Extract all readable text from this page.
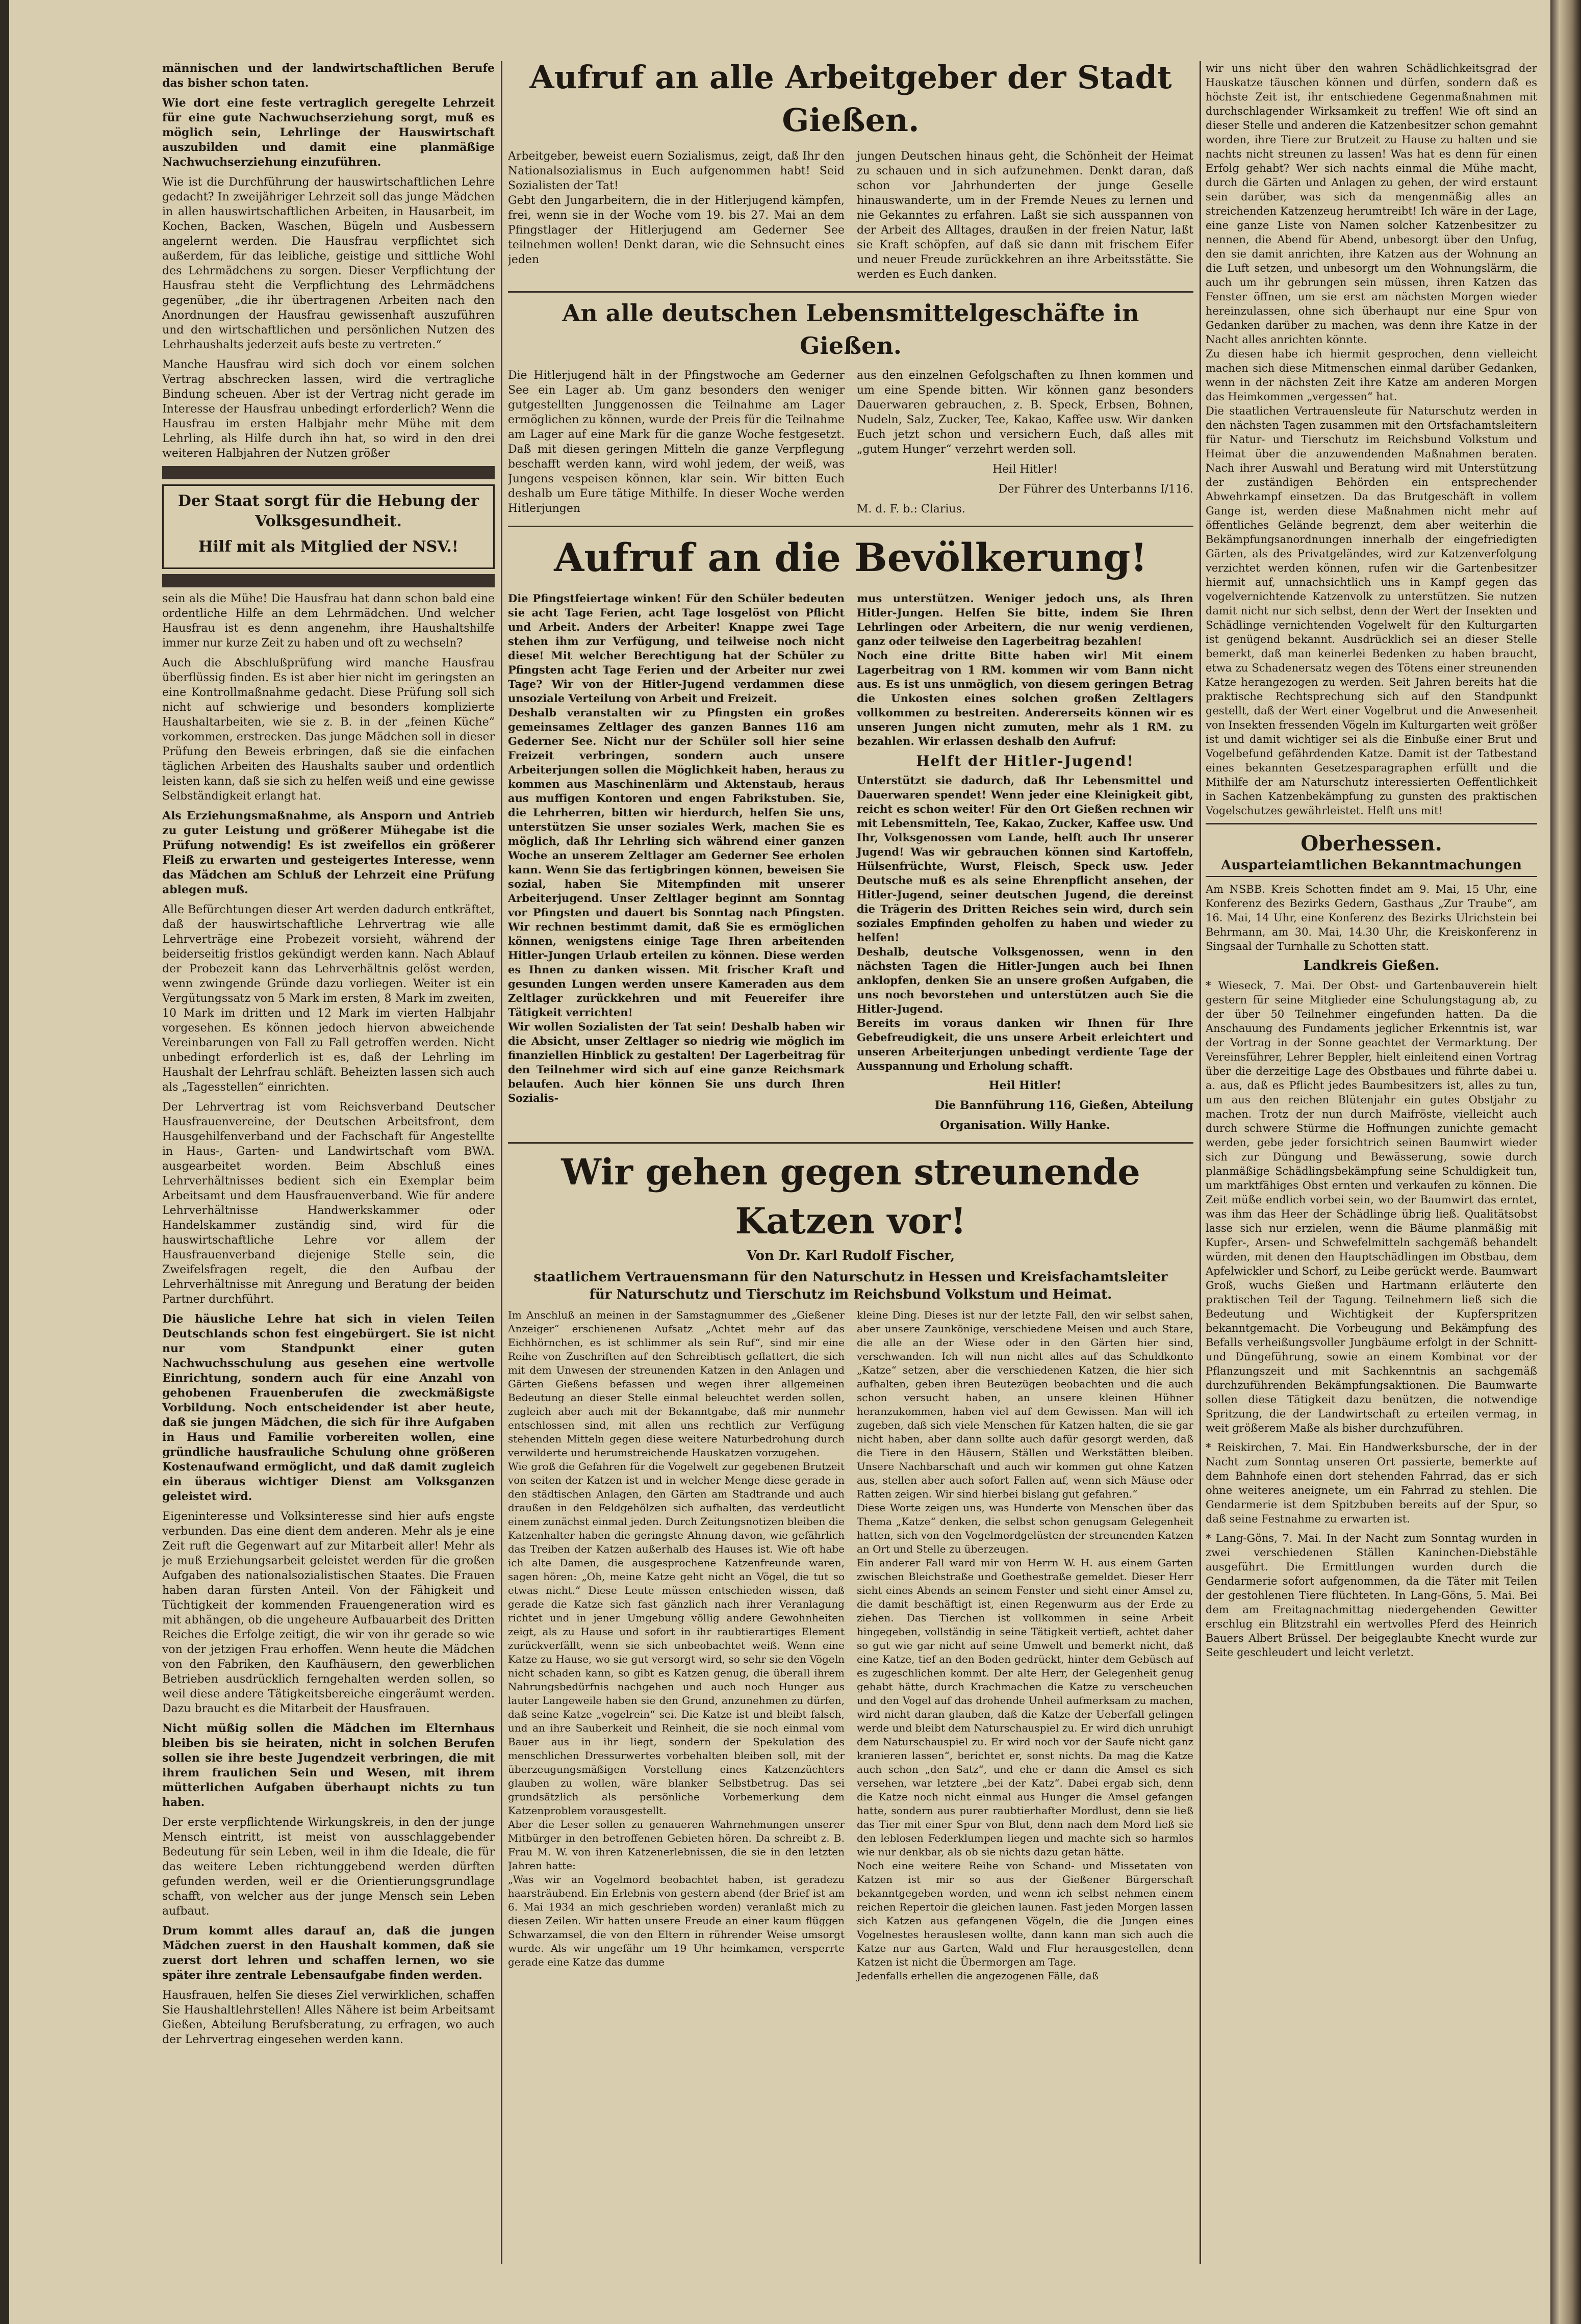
männischen und der landwirtschaftlichen Berufe das bisher schon taten.

Wie dort eine feste vertraglich geregelte Lehrzeit für eine gute Nachwuchserziehung sorgt, muß es möglich sein, Lehrlinge der Hauswirtschaft auszubilden und damit eine planmäßige Nachwuchserziehung einzuführen.

Wie ist die Durchführung der hauswirtschaftlichen Lehre gedacht? In zweijähriger Lehrzeit soll das junge Mädchen in allen hauswirtschaftlichen Arbeiten, in Hausarbeit, im Kochen, Backen, Waschen, Bügeln und Ausbessern angelernt werden. Die Hausfrau verpflichtet sich außerdem, für das leibliche, geistige und sittliche Wohl des Lehrmädchens zu sorgen. Dieser Verpflichtung der Hausfrau steht die Verpflichtung des Lehrmädchens gegenüber, „die ihr übertragenen Arbeiten nach den Anordnungen der Hausfrau gewissenhaft auszuführen und den wirtschaftlichen und persönlichen Nutzen des Lehrhaushalts jederzeit aufs beste zu vertreten.“

Manche Hausfrau wird sich doch vor einem solchen Vertrag abschrecken lassen, wird die vertragliche Bindung scheuen. Aber ist der Vertrag nicht gerade im Interesse der Hausfrau unbedingt erforderlich? Wenn die Hausfrau im ersten Halbjahr mehr Mühe mit dem Lehrling, als Hilfe durch ihn hat, so wird in den drei weiteren Halbjahren der Nutzen größer

Der Staat sorgt für die Hebung der Volksgesundheit.

Hilf mit als Mitglied der NSV.!

sein als die Mühe! Die Hausfrau hat dann schon bald eine ordentliche Hilfe an dem Lehrmädchen. Und welcher Hausfrau ist es denn angenehm, ihre Haushaltshilfe immer nur kurze Zeit zu haben und oft zu wechseln?

Auch die Abschlußprüfung wird manche Hausfrau überflüssig finden. Es ist aber hier nicht im geringsten an eine Kontrollmaßnahme gedacht. Diese Prüfung soll sich nicht auf schwierige und besonders komplizierte Haushaltarbeiten, wie sie z. B. in der „feinen Küche“ vorkommen, erstrecken. Das junge Mädchen soll in dieser Prüfung den Beweis erbringen, daß sie die einfachen täglichen Arbeiten des Haushalts sauber und ordentlich leisten kann, daß sie sich zu helfen weiß und eine gewisse Selbständigkeit erlangt hat.

Als Erziehungsmaßnahme, als Ansporn und Antrieb zu guter Leistung und größerer Mühegabe ist die Prüfung notwendig! Es ist zweifellos ein größerer Fleiß zu erwarten und gesteigertes Interesse, wenn das Mädchen am Schluß der Lehrzeit eine Prüfung ablegen muß.

Alle Befürchtungen dieser Art werden dadurch entkräftet, daß der hauswirtschaftliche Lehrvertrag wie alle Lehrverträge eine Probezeit vorsieht, während der beiderseitig fristlos gekündigt werden kann. Nach Ablauf der Probezeit kann das Lehrverhältnis gelöst werden, wenn zwingende Gründe dazu vorliegen. Weiter ist ein Vergütungssatz von 5 Mark im ersten, 8 Mark im zweiten, 10 Mark im dritten und 12 Mark im vierten Halbjahr vorgesehen. Es können jedoch hiervon abweichende Vereinbarungen von Fall zu Fall getroffen werden. Nicht unbedingt erforderlich ist es, daß der Lehrling im Haushalt der Lehrfrau schläft. Beheizten lassen sich auch als „Tagesstellen“ einrichten.

Der Lehrvertrag ist vom Reichsverband Deutscher Hausfrauenvereine, der Deutschen Arbeitsfront, dem Hausgehilfenverband und der Fachschaft für Angestellte in Haus-, Garten- und Landwirtschaft vom BWA. ausgearbeitet worden. Beim Abschluß eines Lehrverhältnisses bedient sich ein Exemplar beim Arbeitsamt und dem Hausfrauenverband. Wie für andere Lehrverhältnisse Handwerkskammer oder Handelskammer zuständig sind, wird für die hauswirtschaftliche Lehre vor allem der Hausfrauenverband diejenige Stelle sein, die Zweifelsfragen regelt, die den Aufbau der Lehrverhältnisse mit Anregung und Beratung der beiden Partner durchführt.

Die häusliche Lehre hat sich in vielen Teilen Deutschlands schon fest eingebürgert. Sie ist nicht nur vom Standpunkt einer guten Nachwuchsschulung aus gesehen eine wertvolle Einrichtung, sondern auch für eine Anzahl von gehobenen Frauenberufen die zweckmäßigste Vorbildung. Noch entscheidender ist aber heute, daß sie jungen Mädchen, die sich für ihre Aufgaben in Haus und Familie vorbereiten wollen, eine gründliche hausfrauliche Schulung ohne größeren Kostenaufwand ermöglicht, und daß damit zugleich ein überaus wichtiger Dienst am Volksganzen geleistet wird.

Eigeninteresse und Volksinteresse sind hier aufs engste verbunden. Das eine dient dem anderen. Mehr als je eine Zeit ruft die Gegenwart auf zur Mitarbeit aller! Mehr als je muß Erziehungsarbeit geleistet werden für die großen Aufgaben des nationalsozialistischen Staates. Die Frauen haben daran fürsten Anteil. Von der Fähigkeit und Tüchtigkeit der kommenden Frauengeneration wird es mit abhängen, ob die ungeheure Aufbauarbeit des Dritten Reiches die Erfolge zeitigt, die wir von ihr gerade so wie von der jetzigen Frau erhoffen. Wenn heute die Mädchen von den Fabriken, den Kaufhäusern, den gewerblichen Betrieben ausdrücklich ferngehalten werden sollen, so weil diese andere Tätigkeitsbereiche eingeräumt werden. Dazu braucht es die Mitarbeit der Hausfrauen.

Nicht müßig sollen die Mädchen im Elternhaus bleiben bis sie heiraten, nicht in solchen Berufen sollen sie ihre beste Jugendzeit verbringen, die mit ihrem fraulichen Sein und Wesen, mit ihrem mütterlichen Aufgaben überhaupt nichts zu tun haben.

Der erste verpflichtende Wirkungskreis, in den der junge Mensch eintritt, ist meist von ausschlaggebender Bedeutung für sein Leben, weil in ihm die Ideale, die für das weitere Leben richtunggebend werden dürften gefunden werden, weil er die Orientierungsgrundlage schafft, von welcher aus der junge Mensch sein Leben aufbaut.

Drum kommt alles darauf an, daß die jungen Mädchen zuerst in den Haushalt kommen, daß sie zuerst dort lehren und schaffen lernen, wo sie später ihre zentrale Lebensaufgabe finden werden.

Hausfrauen, helfen Sie dieses Ziel verwirklichen, schaffen Sie Haushaltlehrstellen! Alles Nähere ist beim Arbeitsamt Gießen, Abteilung Berufsberatung, zu erfragen, wo auch der Lehrvertrag eingesehen werden kann.

Aufruf an alle Arbeitgeber der Stadt Gießen.

Arbeitgeber, beweist euern Sozialismus, zeigt, daß Ihr den Nationalsozialismus in Euch aufgenommen habt! Seid Sozialisten der Tat!
Gebt den Jungarbeitern, die in der Hitlerjugend kämpfen, frei, wenn sie in der Woche vom 19. bis 27. Mai an dem Pfingstlager der Hitlerjugend am Gederner See teilnehmen wollen! Denkt daran, wie die Sehnsucht eines jeden

jungen Deutschen hinaus geht, die Schönheit der Heimat zu schauen und in sich aufzunehmen. Denkt daran, daß schon vor Jahrhunderten der junge Geselle hinauswanderte, um in der Fremde Neues zu lernen und nie Gekanntes zu erfahren. Laßt sie sich ausspannen von der Arbeit des Alltages, draußen in der freien Natur, laßt sie Kraft schöpfen, auf daß sie dann mit frischem Eifer und neuer Freude zurückkehren an ihre Arbeitsstätte. Sie werden es Euch danken.

An alle deutschen Lebensmittelgeschäfte in Gießen.

Die Hitlerjugend hält in der Pfingstwoche am Gederner See ein Lager ab. Um ganz besonders den weniger gutgestellten Junggenossen die Teilnahme am Lager ermöglichen zu können, wurde der Preis für die Teilnahme am Lager auf eine Mark für die ganze Woche festgesetzt. Daß mit diesen geringen Mitteln die ganze Verpflegung beschafft werden kann, wird wohl jedem, der weiß, was Jungens vespeisen können, klar sein. Wir bitten Euch deshalb um Eure tätige Mithilfe. In dieser Woche werden Hitlerjungen

aus den einzelnen Gefolgschaften zu Ihnen kommen und um eine Spende bitten. Wir können ganz besonders Dauerwaren gebrauchen, z. B. Speck, Erbsen, Bohnen, Nudeln, Salz, Zucker, Tee, Kakao, Kaffee usw. Wir danken Euch jetzt schon und versichern Euch, daß alles mit „gutem Hunger“ verzehrt werden soll.

Heil Hitler!

Der Führer des Unterbanns I/116.

M. d. F. b.: Clarius.

Aufruf an die Bevölkerung!

Die Pfingstfeiertage winken! Für den Schüler bedeuten sie acht Tage Ferien, acht Tage losgelöst von Pflicht und Arbeit. Anders der Arbeiter! Knappe zwei Tage stehen ihm zur Verfügung, und teilweise noch nicht diese! Mit welcher Berechtigung hat der Schüler zu Pfingsten acht Tage Ferien und der Arbeiter nur zwei Tage? Wir von der Hitler-Jugend verdammen diese unsoziale Verteilung von Arbeit und Freizeit.
Deshalb veranstalten wir zu Pfingsten ein großes gemeinsames Zeltlager des ganzen Bannes 116 am Gederner See. Nicht nur der Schüler soll hier seine Freizeit verbringen, sondern auch unsere Arbeiterjungen sollen die Möglichkeit haben, heraus zu kommen aus Maschinenlärm und Aktenstaub, heraus aus muffigen Kontoren und engen Fabrikstuben. Sie, die Lehrherren, bitten wir hierdurch, helfen Sie uns, unterstützen Sie unser soziales Werk, machen Sie es möglich, daß Ihr Lehrling sich während einer ganzen Woche an unserem Zeltlager am Gederner See erholen kann. Wenn Sie das fertigbringen können, beweisen Sie sozial, haben Sie Mitempfinden mit unserer Arbeiterjugend. Unser Zeltlager beginnt am Sonntag vor Pfingsten und dauert bis Sonntag nach Pfingsten. Wir rechnen bestimmt damit, daß Sie es ermöglichen können, wenigstens einige Tage Ihren arbeitenden Hitler-Jungen Urlaub erteilen zu können. Diese werden es Ihnen zu danken wissen. Mit frischer Kraft und gesunden Lungen werden unsere Kameraden aus dem Zeltlager zurückkehren und mit Feuereifer ihre Tätigkeit verrichten!
Wir wollen Sozialisten der Tat sein! Deshalb haben wir die Absicht, unser Zeltlager so niedrig wie möglich im finanziellen Hinblick zu gestalten! Der Lagerbeitrag für den Teilnehmer wird sich auf eine ganze Reichsmark belaufen. Auch hier können Sie uns durch Ihren Sozialis-

mus unterstützen. Weniger jedoch uns, als Ihren Hitler-Jungen. Helfen Sie bitte, indem Sie Ihren Lehrlingen oder Arbeitern, die nur wenig verdienen, ganz oder teilweise den Lagerbeitrag bezahlen!
Noch eine dritte Bitte haben wir! Mit einem Lagerbeitrag von 1 RM. kommen wir vom Bann nicht aus. Es ist uns unmöglich, von diesem geringen Betrag die Unkosten eines solchen großen Zeltlagers vollkommen zu bestreiten. Andererseits können wir es unseren Jungen nicht zumuten, mehr als 1 RM. zu bezahlen. Wir erlassen deshalb den Aufruf:

Helft der Hitler-Jugend!

Unterstützt sie dadurch, daß Ihr Lebensmittel und Dauerwaren spendet! Wenn jeder eine Kleinigkeit gibt, reicht es schon weiter! Für den Ort Gießen rechnen wir mit Lebensmitteln, Tee, Kakao, Zucker, Kaffee usw. Und Ihr, Volksgenossen vom Lande, helft auch Ihr unserer Jugend! Was wir gebrauchen können sind Kartoffeln, Hülsenfrüchte, Wurst, Fleisch, Speck usw. Jeder Deutsche muß es als seine Ehrenpflicht ansehen, der Hitler-Jugend, seiner deutschen Jugend, die dereinst die Trägerin des Dritten Reiches sein wird, durch sein soziales Empfinden geholfen zu haben und wieder zu helfen!
Deshalb, deutsche Volksgenossen, wenn in den nächsten Tagen die Hitler-Jungen auch bei Ihnen anklopfen, denken Sie an unsere großen Aufgaben, die uns noch bevorstehen und unterstützen auch Sie die Hitler-Jugend.
Bereits im voraus danken wir Ihnen für Ihre Gebefreudigkeit, die uns unsere Arbeit erleichtert und unseren Arbeiterjungen unbedingt verdiente Tage der Ausspannung und Erholung schafft.

Heil Hitler!

Die Bannführung 116, Gießen, Abteilung

Organisation. Willy Hanke.

Wir gehen gegen streunende Katzen vor!

Von Dr. Karl Rudolf Fischer,

staatlichem Vertrauensmann für den Naturschutz in Hessen und Kreisfachamtsleiter für Naturschutz und Tierschutz im Reichsbund Volkstum und Heimat.

Im Anschluß an meinen in der Samstagnummer des „Gießener Anzeiger“ erschienenen Aufsatz „Achtet mehr auf das Eichhörnchen, es ist schlimmer als sein Ruf“, sind mir eine Reihe von Zuschriften auf den Schreibtisch geflattert, die sich mit dem Unwesen der streunenden Katzen in den Anlagen und Gärten Gießens befassen und wegen ihrer allgemeinen Bedeutung an dieser Stelle einmal beleuchtet werden sollen, zugleich aber auch mit der Bekanntgabe, daß mir nunmehr entschlossen sind, mit allen uns rechtlich zur Verfügung stehenden Mitteln gegen diese weitere Naturbedrohung durch verwilderte und herumstreichende Hauskatzen vorzugehen.
Wie groß die Gefahren für die Vogelwelt zur gegebenen Brutzeit von seiten der Katzen ist und in welcher Menge diese gerade in den städtischen Anlagen, den Gärten am Stadtrande und auch draußen in den Feldgehölzen sich aufhalten, das verdeutlicht einem zunächst einmal jeden. Durch Zeitungsnotizen bleiben die Katzenhalter haben die geringste Ahnung davon, wie gefährlich das Treiben der Katzen außerhalb des Hauses ist. Wie oft habe ich alte Damen, die ausgesprochene Katzenfreunde waren, sagen hören: „Oh, meine Katze geht nicht an Vögel, die tut so etwas nicht.“ Diese Leute müssen entschieden wissen, daß gerade die Katze sich fast gänzlich nach ihrer Veranlagung richtet und in jener Umgebung völlig andere Gewohnheiten zeigt, als zu Hause und sofort in ihr raubtierartiges Element zurückverfällt, wenn sie sich unbeobachtet weiß. Wenn eine Katze zu Hause, wo sie gut versorgt wird, so sehr sie den Vögeln nicht schaden kann, so gibt es Katzen genug, die überall ihrem Nahrungsbedürfnis nachgehen und auch noch Hunger aus lauter Langeweile haben sie den Grund, anzunehmen zu dürfen, daß seine Katze „vogelrein“ sei. Die Katze ist und bleibt falsch, und an ihre Sauberkeit und Reinheit, die sie noch einmal vom Bauer aus in ihr liegt, sondern der Spekulation des menschlichen Dressurwertes vorbehalten bleiben soll, mit der überzeugungsmäßigen Vorstellung eines Katzenzüchters glauben zu wollen, wäre blanker Selbstbetrug. Das sei grundsätzlich als persönliche Vorbemerkung dem Katzenproblem vorausgestellt.
Aber die Leser sollen zu genaueren Wahrnehmungen unserer Mitbürger in den betroffenen Gebieten hören. Da schreibt z. B. Frau M. W. von ihren Katzenerlebnissen, die sie in den letzten Jahren hatte:
„Was wir an Vogelmord beobachtet haben, ist geradezu haarsträubend. Ein Erlebnis von gestern abend (der Brief ist am 6. Mai 1934 an mich geschrieben worden) veranlaßt mich zu diesen Zeilen. Wir hatten unsere Freude an einer kaum flüggen Schwarzamsel, die von den Eltern in rührender Weise umsorgt wurde. Als wir ungefähr um 19 Uhr heimkamen, versperrte gerade eine Katze das dumme

kleine Ding. Dieses ist nur der letzte Fall, den wir selbst sahen, aber unsere Zaunkönige, verschiedene Meisen und auch Stare, die alle an der Wiese oder in den Gärten hier sind, verschwanden. Ich will nun nicht alles auf das Schuldkonto „Katze“ setzen, aber die verschiedenen Katzen, die hier sich aufhalten, geben ihren Beutezügen beobachten und die auch schon versucht haben, an unsere kleinen Hühner heranzukommen, haben viel auf dem Gewissen. Man will ich zugeben, daß sich viele Menschen für Katzen halten, die sie gar nicht haben, aber dann sollte auch dafür gesorgt werden, daß die Tiere in den Häusern, Ställen und Werkstätten bleiben. Unsere Nachbarschaft und auch wir kommen gut ohne Katzen aus, stellen aber auch sofort Fallen auf, wenn sich Mäuse oder Ratten zeigen. Wir sind hierbei bislang gut gefahren.“
Diese Worte zeigen uns, was Hunderte von Menschen über das Thema „Katze“ denken, die selbst schon genugsam Gelegenheit hatten, sich von den Vogelmordgelüsten der streunenden Katzen an Ort und Stelle zu überzeugen.
Ein anderer Fall ward mir von Herrn W. H. aus einem Garten zwischen Bleichstraße und Goethestraße gemeldet. Dieser Herr sieht eines Abends an seinem Fenster und sieht einer Amsel zu, die damit beschäftigt ist, einen Regenwurm aus der Erde zu ziehen. Das Tierchen ist vollkommen in seine Arbeit hingegeben, vollständig in seine Tätigkeit vertieft, achtet daher so gut wie gar nicht auf seine Umwelt und bemerkt nicht, daß eine Katze, tief an den Boden gedrückt, hinter dem Gebüsch auf es zugeschlichen kommt. Der alte Herr, der Gelegenheit genug gehabt hätte, durch Krachmachen die Katze zu verscheuchen und den Vogel auf das drohende Unheil aufmerksam zu machen, wird nicht daran glauben, daß die Katze der Ueberfall gelingen werde und bleibt dem Naturschauspiel zu. Er wird dich unruhigt dem Naturschauspiel zu. Er wird noch vor der Saufe nicht ganz kranieren lassen“, berichtet er, sonst nichts. Da mag die Katze auch schon „den Satz“, und ehe er dann die Amsel es sich versehen, war letztere „bei der Katz“. Dabei ergab sich, denn die Katze noch nicht einmal aus Hunger die Amsel gefangen hatte, sondern aus purer raubtierhafter Mordlust, denn sie ließ das Tier mit einer Spur von Blut, denn nach dem Mord ließ sie den leblosen Federklumpen liegen und machte sich so harmlos wie nur denkbar, als ob sie nichts dazu getan hätte.
Noch eine weitere Reihe von Schand- und Missetaten von Katzen ist mir so aus der Gießener Bürgerschaft bekanntgegeben worden, und wenn ich selbst nehmen einem reichen Repertoir die gleichen launen. Fast jeden Morgen lassen sich Katzen aus gefangenen Vögeln, die die Jungen eines Vogelnestes herauslesen wollte, dann kann man sich auch die Katze nur aus Garten, Wald und Flur herausgestellen, denn Katzen ist nicht die Übermorgen am Tage.
Jedenfalls erhellen die angezogenen Fälle, daß

wir uns nicht über den wahren Schädlichkeitsgrad der Hauskatze täuschen können und dürfen, sondern daß es höchste Zeit ist, ihr entschiedene Gegenmaßnahmen mit durchschlagender Wirksamkeit zu treffen! Wie oft sind an dieser Stelle und anderen die Katzenbesitzer schon gemahnt worden, ihre Tiere zur Brutzeit zu Hause zu halten und sie nachts nicht streunen zu lassen! Was hat es denn für einen Erfolg gehabt? Wer sich nachts einmal die Mühe macht, durch die Gärten und Anlagen zu gehen, der wird erstaunt sein darüber, was sich da mengenmäßig alles an streichenden Katzenzeug herumtreibt! Ich wäre in der Lage, eine ganze Liste von Namen solcher Katzenbesitzer zu nennen, die Abend für Abend, unbesorgt über den Unfug, den sie damit anrichten, ihre Katzen aus der Wohnung an die Luft setzen, und unbesorgt um den Wohnungslärm, die auch um ihr gebrungen sein müssen, ihren Katzen das Fenster öffnen, um sie erst am nächsten Morgen wieder hereinzulassen, ohne sich überhaupt nur eine Spur von Gedanken darüber zu machen, was denn ihre Katze in der Nacht alles anrichten könnte.
Zu diesen habe ich hiermit gesprochen, denn vielleicht machen sich diese Mitmenschen einmal darüber Gedanken, wenn in der nächsten Zeit ihre Katze am anderen Morgen das Heimkommen „vergessen“ hat.
Die staatlichen Vertrauensleute für Naturschutz werden in den nächsten Tagen zusammen mit den Ortsfachamtsleitern für Natur- und Tierschutz im Reichsbund Volkstum und Heimat über die anzuwendenden Maßnahmen beraten. Nach ihrer Auswahl und Beratung wird mit Unterstützung der zuständigen Behörden ein entsprechender Abwehrkampf einsetzen. Da das Brutgeschäft in vollem Gange ist, werden diese Maßnahmen nicht mehr auf öffentliches Gelände begrenzt, dem aber weiterhin die Bekämpfungsanordnungen innerhalb der eingefriedigten Gärten, als des Privatgeländes, wird zur Katzenverfolgung verzichtet werden können, rufen wir die Gartenbesitzer hiermit auf, unnachsichtlich uns in Kampf gegen das vogelvernichtende Katzenvolk zu unterstützen. Sie nutzen damit nicht nur sich selbst, denn der Wert der Insekten und Schädlinge vernichtenden Vogelwelt für den Kulturgarten ist genügend bekannt. Ausdrücklich sei an dieser Stelle bemerkt, daß man keinerlei Bedenken zu haben braucht, etwa zu Schadenersatz wegen des Tötens einer streunenden Katze herangezogen zu werden. Seit Jahren bereits hat die praktische Rechtsprechung sich auf den Standpunkt gestellt, daß der Wert einer Vogelbrut und die Anwesenheit von Insekten fressenden Vögeln im Kulturgarten weit größer ist und damit wichtiger sei als die Einbuße einer Brut und Vogelbefund gefährdenden Katze. Damit ist der Tatbestand eines bekannten Gesetzesparagraphen erfüllt und die Mithilfe der am Naturschutz interessierten Oeffentlichkeit in Sachen Katzenbekämpfung zu gunsten des praktischen Vogelschutzes gewährleistet. Helft uns mit!

Oberhessen.

Ausparteiamtlichen Bekanntmachungen

Am NSBB. Kreis Schotten findet am 9. Mai, 15 Uhr, eine Konferenz des Bezirks Gedern, Gasthaus „Zur Traube“, am 16. Mai, 14 Uhr, eine Konferenz des Bezirks Ulrichstein bei Behrmann, am 30. Mai, 14.30 Uhr, die Kreiskonferenz in Singsaal der Turnhalle zu Schotten statt.

Landkreis Gießen.

* Wieseck, 7. Mai. Der Obst- und Gartenbauverein hielt gestern für seine Mitglieder eine Schulungstagung ab, zu der über 50 Teilnehmer eingefunden hatten. Da die Anschauung des Fundaments jeglicher Erkenntnis ist, war der Vortrag in der Sonne geachtet der Vermarktung. Der Vereinsführer, Lehrer Beppler, hielt einleitend einen Vortrag über die derzeitige Lage des Obstbaues und führte dabei u. a. aus, daß es Pflicht jedes Baumbesitzers ist, alles zu tun, um aus den reichen Blütenjahr ein gutes Obstjahr zu machen. Trotz der nun durch Maifröste, vielleicht auch durch schwere Stürme die Hoffnungen zunichte gemacht werden, gebe jeder forsichtrich seinen Baumwirt wieder sich zur Düngung und Bewässerung, sowie durch planmäßige Schädlingsbekämpfung seine Schuldigkeit tun, um marktfähiges Obst ernten und verkaufen zu können. Die Zeit müße endlich vorbei sein, wo der Baumwirt das erntet, was ihm das Heer der Schädlinge übrig ließ. Qualitätsobst lasse sich nur erzielen, wenn die Bäume planmäßig mit Kupfer-, Arsen- und Schwefelmitteln sachgemäß behandelt würden, mit denen den Hauptschädlingen im Obstbau, dem Apfelwickler und Schorf, zu Leibe gerückt werde. Baumwart Groß, wuchs Gießen und Hartmann erläuterte den praktischen Teil der Tagung. Teilnehmern ließ sich die Bedeutung und Wichtigkeit der Kupferspritzen bekanntgemacht. Die Vorbeugung und Bekämpfung des Befalls verheißungsvoller Jungbäume erfolgt in der Schnitt- und Düngeführung, sowie an einem Kombinat vor der Pflanzungszeit und mit Sachkenntnis an sachgemäß durchzuführenden Bekämpfungsaktionen. Die Baumwarte sollen diese Tätigkeit dazu benützen, die notwendige Spritzung, die der Landwirtschaft zu erteilen vermag, in weit größerem Maße als bisher durchzuführen.

* Reiskirchen, 7. Mai. Ein Handwerksbursche, der in der Nacht zum Sonntag unseren Ort passierte, bemerkte auf dem Bahnhofe einen dort stehenden Fahrrad, das er sich ohne weiteres aneignete, um ein Fahrrad zu stehlen. Die Gendarmerie ist dem Spitzbuben bereits auf der Spur, so daß seine Festnahme zu erwarten ist.

* Lang-Göns, 7. Mai. In der Nacht zum Sonntag wurden in zwei verschiedenen Ställen Kaninchen-Diebstähle ausgeführt. Die Ermittlungen wurden durch die Gendarmerie sofort aufgenommen, da die Täter mit Teilen der gestohlenen Tiere flüchteten. In Lang-Göns, 5. Mai. Bei dem am Freitagnachmittag niedergehenden Gewitter erschlug ein Blitzstrahl ein wertvolles Pferd des Heinrich Bauers Albert Brüssel. Der beigeglaubte Knecht wurde zur Seite geschleudert und leicht verletzt.
